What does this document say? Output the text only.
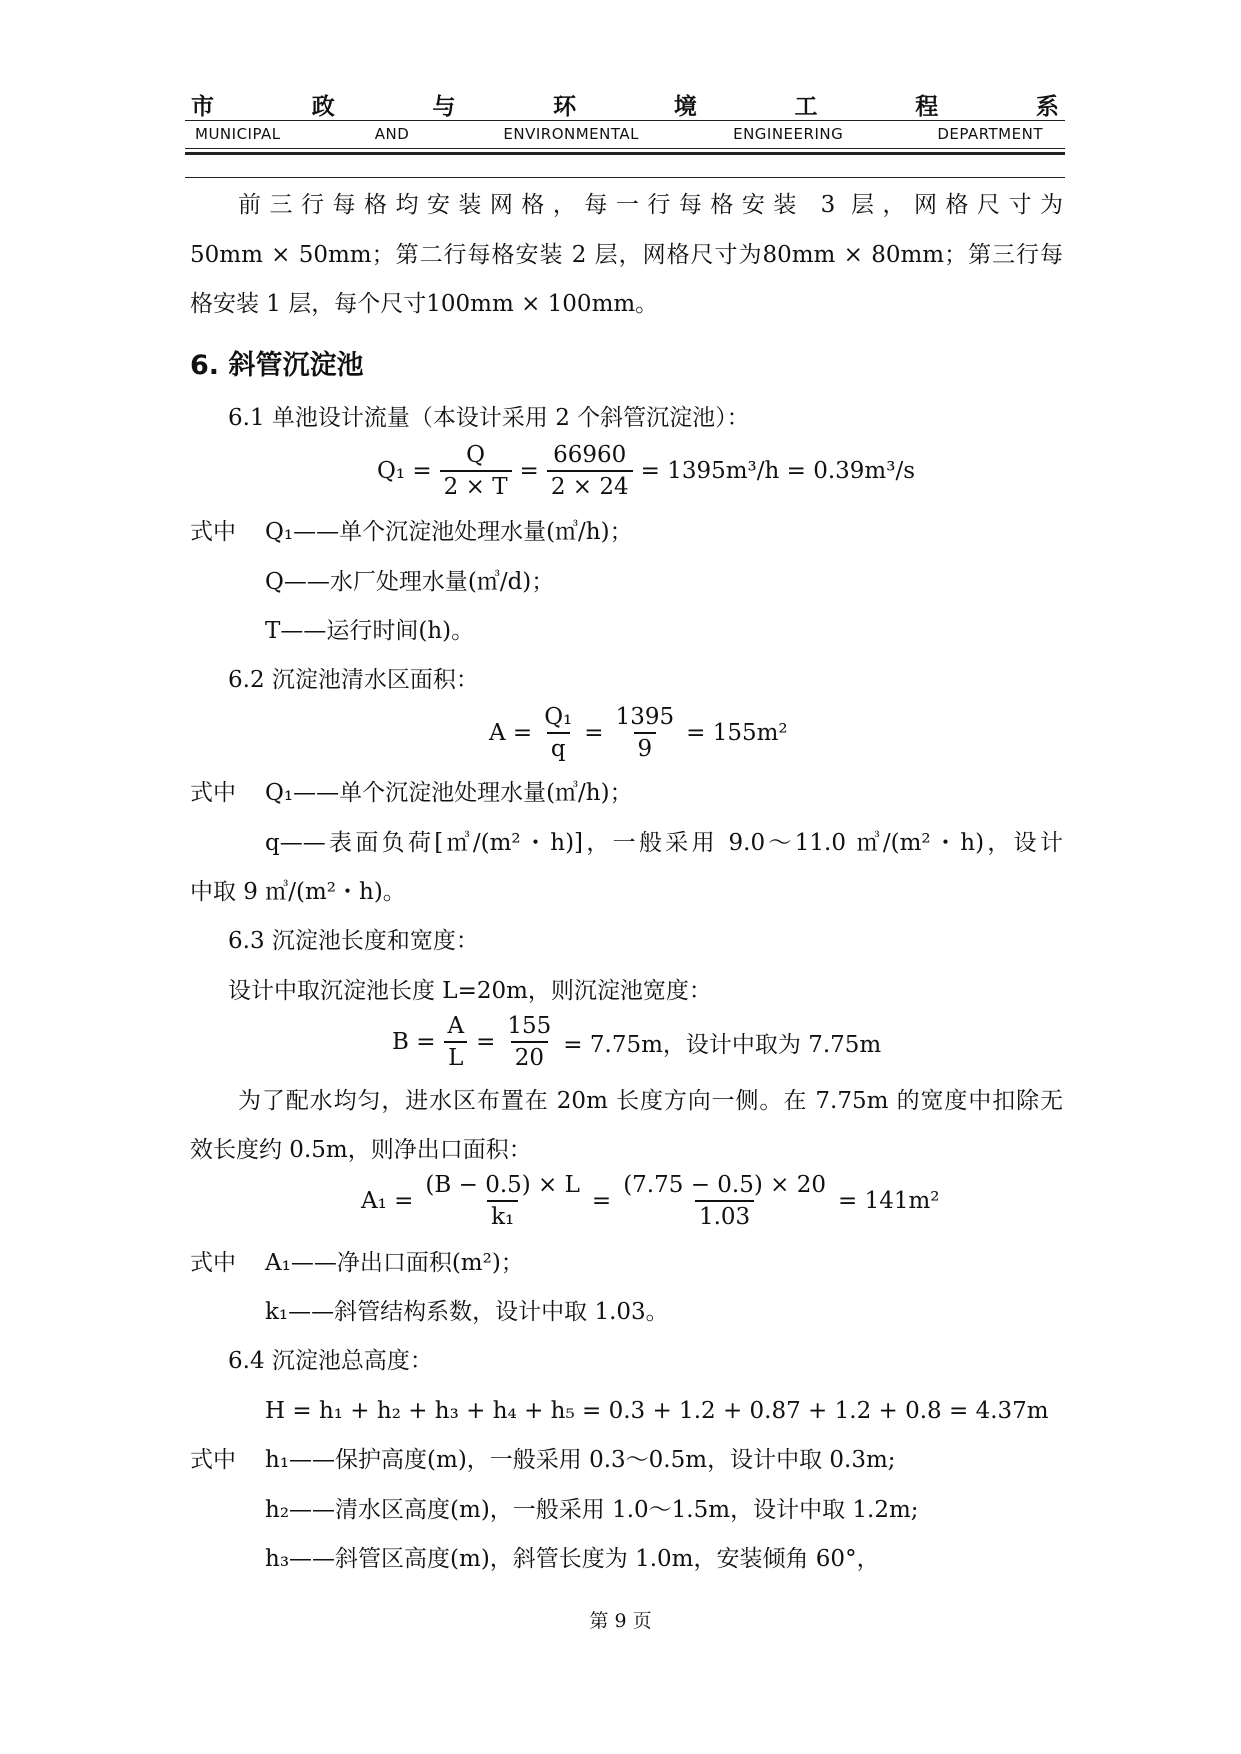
市	政	与	环	境	工	程	系
MUNICIPAL	AND	ENVIRONMENTAL	ENGINEERING	DEPARTMENT
前三行每格均安装网格，每一行每格安装 3 层，网格尺寸为
50mm × 50mm；第二行每格安装 2 层，网格尺寸为80mm × 80mm；第三行每
格安装 1 层，每个尺寸100mm × 100mm。
6. 斜管沉淀池
6.1 单池设计流量（本设计采用 2 个斜管沉淀池）：
$Q_1 = \frac{Q}{2 \times T} = \frac{66960}{2 \times 24} = 1395m^3/h = 0.39m^3/s$
式中 Q₁——单个沉淀池处理水量(㎥/h)；
Q——水厂处理水量(㎥/d)；
T——运行时间(h)。
6.2 沉淀池清水区面积：
$A = \frac{\text{Q₁}}{q} = \frac{1395}{9} = 155m^2$
式中 Q₁——单个沉淀池处理水量(㎥/h)；
q——表面负荷[㎥/(m²・h)]，一般采用 9.0～11.0 ㎥/(m²・h)，设计
中取 9 ㎥/(m²・h)。
6.3 沉淀池长度和宽度：
设计中取沉淀池长度 L=20m，则沉淀池宽度：
$B = \frac{A}{L} = \frac{155}{20} = 7.75m$，设计中取为 7.75m
为了配水均匀，进水区布置在 20m 长度方向一侧。在 7.75m 的宽度中扣除无
效长度约 0.5m，则净出口面积：
$A_1 = \frac{(B - 0.5) \times L}{\text{k₁}} = \frac{(7.75 - 0.5) \times 20}{1.03} = 141m^2$
式中 A₁——净出口面积(m²)；
k₁——斜管结构系数，设计中取 1.03。
6.4 沉淀池总高度：
H = h₁ + h₂ + h₃ + h₄ + h₅ = 0.3 + 1.2 + 0.87 + 1.2 + 0.8 = 4.37m
式中 h₁——保护高度(m)，一般采用 0.3～0.5m，设计中取 0.3m;
h₂——清水区高度(m)，一般采用 1.0～1.5m，设计中取 1.2m;
h₃——斜管区高度(m)，斜管长度为 1.0m，安装倾角 60°，
第 9 页
